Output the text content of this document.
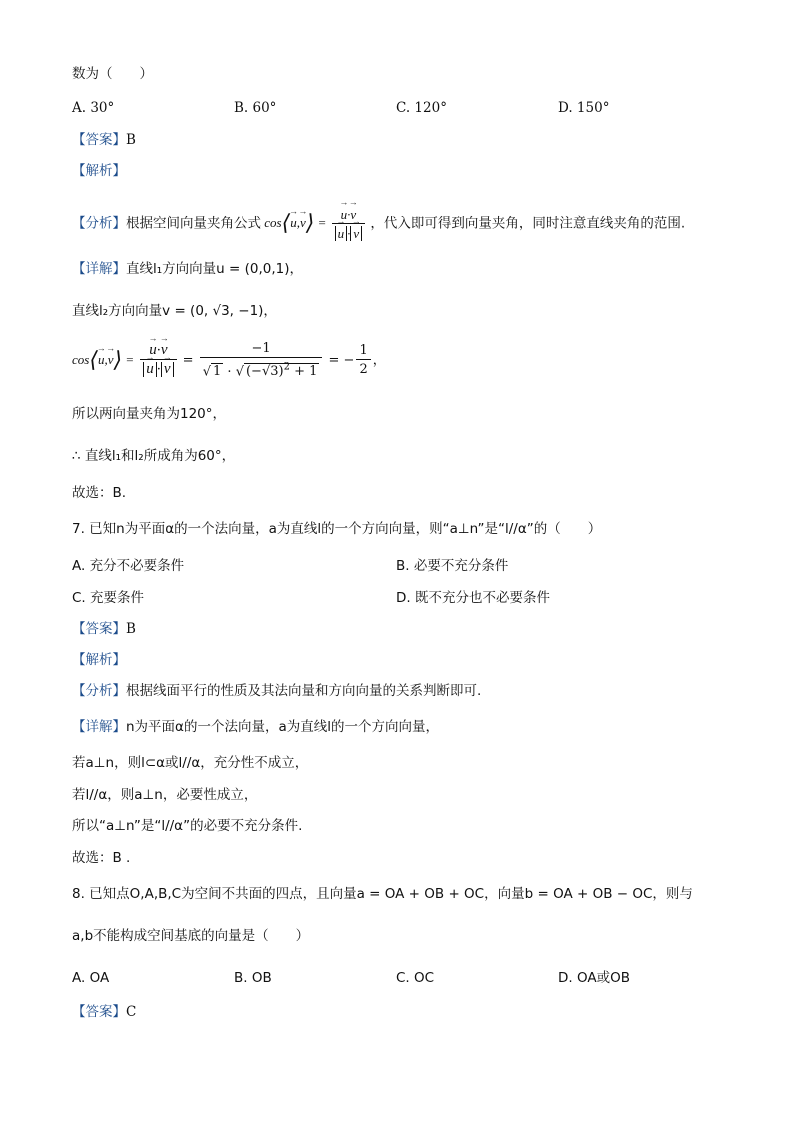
数为（　　）
A. 30°	B. 60°	C. 120°	D. 150°
【答案】B
【解析】
【分析】根据空间向量夹角公式 cos⟨→ u,→ v⟩ =
→ u·→ v
→ u ·→ v ，代入即可得到向量夹角，同时注意直线夹角的范围.
【详解】直线l₁方向向量u = (0,0,1)，
直线l₂方向向量v = (0, √3, −1)，
cos⟨→ u,→ v⟩ =
→ u·→ v
→ $u \cdot\to v = \frac{-1}{√ 1 \cdot √ (-√3)^2 + 1}$ = − $\frac{1}{2}$ ，
所以两向量夹角为120°，
∴ 直线l₁和l₂所成角为60°，
故选：B.
7. 已知n为平面α的一个法向量，a为直线l的一个方向向量，则“a⊥n”是“l//α”的（　　）
A. 充分不必要条件	B. 必要不充分条件
C. 充要条件	D. 既不充分也不必要条件
【答案】B
【解析】
【分析】根据线面平行的性质及其法向量和方向向量的关系判断即可.
【详解】n为平面α的一个法向量，a为直线l的一个方向向量，
若a⊥n，则l⊂α或l//α，充分性不成立，
若l//α，则a⊥n，必要性成立，
所以“a⊥n”是“l//α”的必要不充分条件.
故选：B .
8. 已知点O,A,B,C为空间不共面的四点，且向量a = OA + OB + OC，向量b = OA + OB − OC，则与
a,b不能构成空间基底的向量是（　　）
A. OA	B. OB	C. OC	D. OA或OB
【答案】C
